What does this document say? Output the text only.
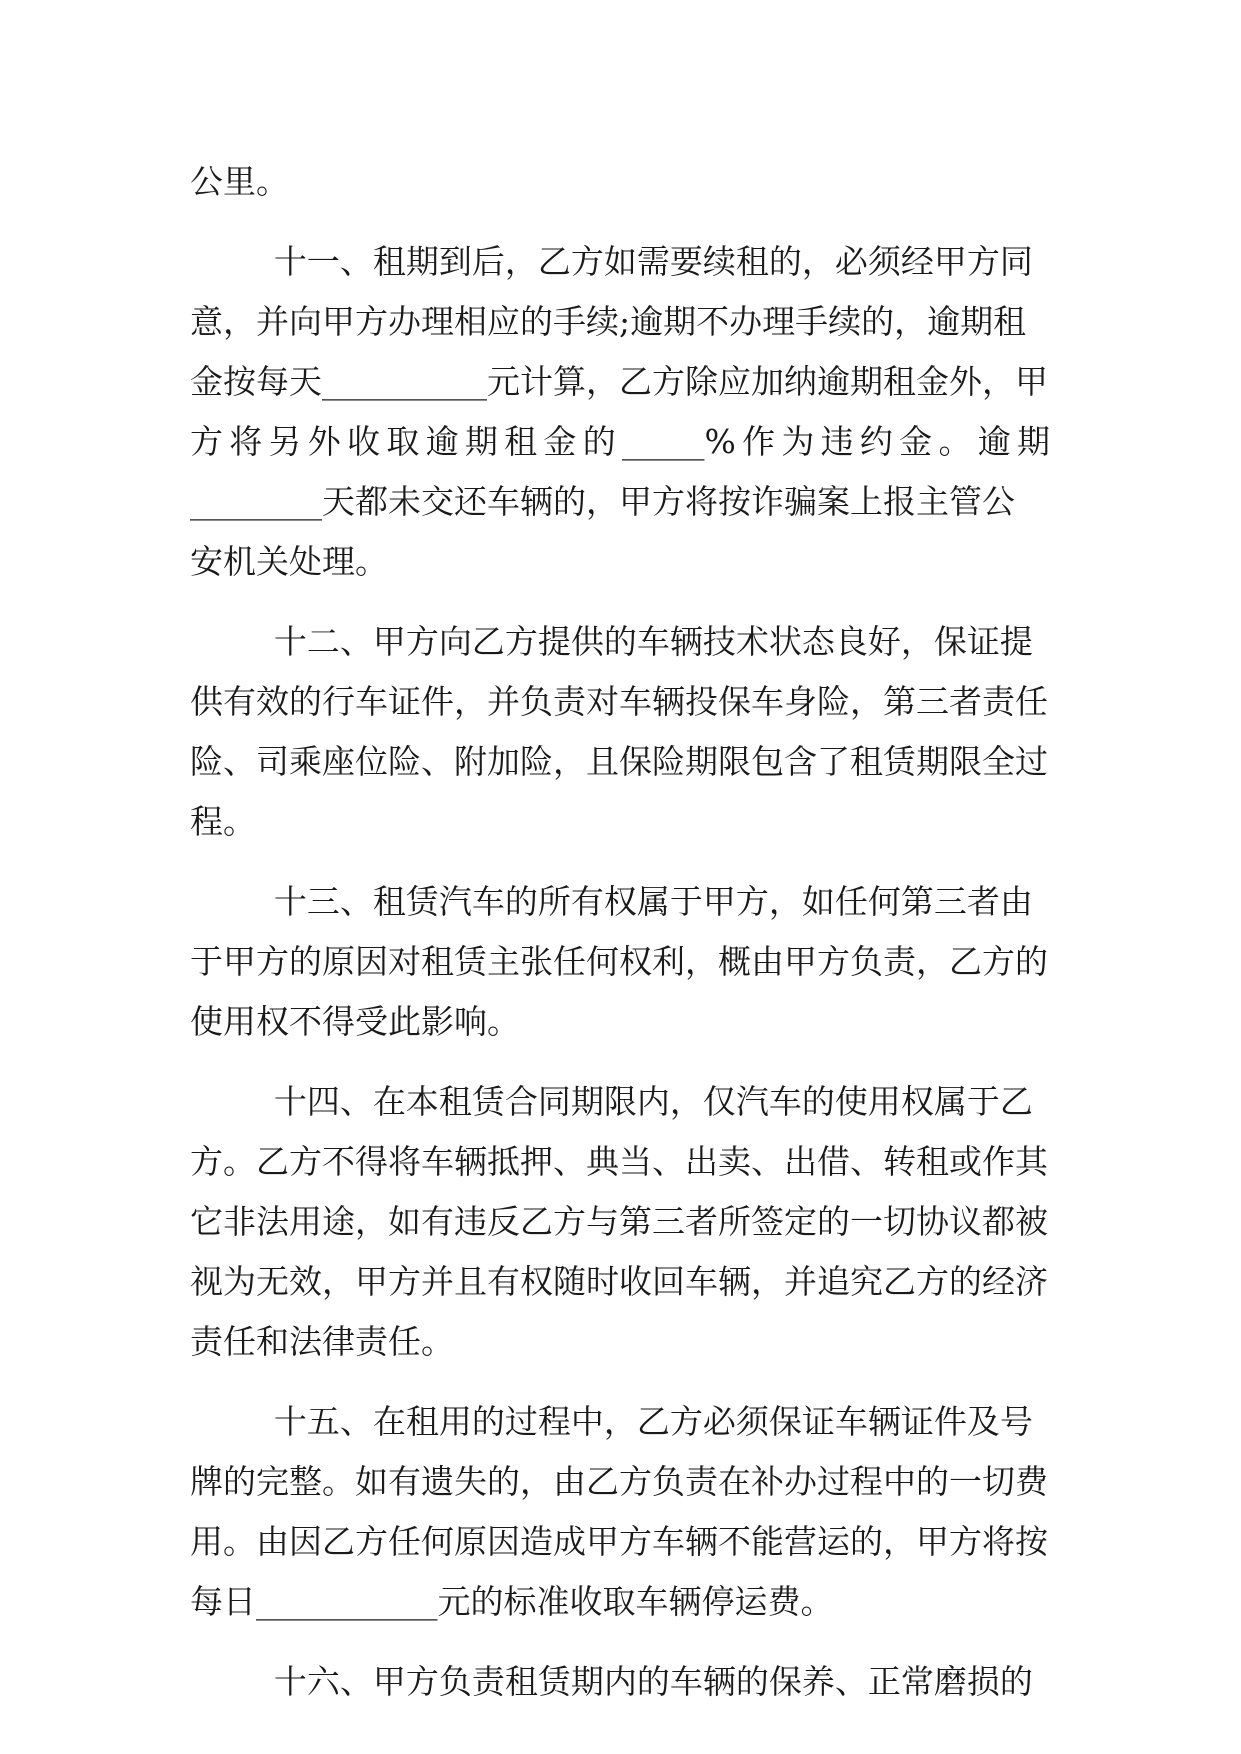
公里。
十一、租期到后，乙方如需要续租的，必须经甲方同
意，并向甲方办理相应的手续;逾期不办理手续的，逾期租
金按每天__________元计算，乙方除应加纳逾期租金外，甲
方将另外收取逾期租金的_____%作为违约金。逾期
________天都未交还车辆的，甲方将按诈骗案上报主管公
安机关处理。
十二、甲方向乙方提供的车辆技术状态良好，保证提
供有效的行车证件，并负责对车辆投保车身险，第三者责任
险、司乘座位险、附加险，且保险期限包含了租赁期限全过
程。
十三、租赁汽车的所有权属于甲方，如任何第三者由
于甲方的原因对租赁主张任何权利，概由甲方负责，乙方的
使用权不得受此影响。
十四、在本租赁合同期限内，仅汽车的使用权属于乙
方。乙方不得将车辆抵押、典当、出卖、出借、转租或作其
它非法用途，如有违反乙方与第三者所签定的一切协议都被
视为无效，甲方并且有权随时收回车辆，并追究乙方的经济
责任和法律责任。
十五、在租用的过程中，乙方必须保证车辆证件及号
牌的完整。如有遗失的，由乙方负责在补办过程中的一切费
用。由因乙方任何原因造成甲方车辆不能营运的，甲方将按
每日___________元的标准收取车辆停运费。
十六、甲方负责租赁期内的车辆的保养、正常磨损的
